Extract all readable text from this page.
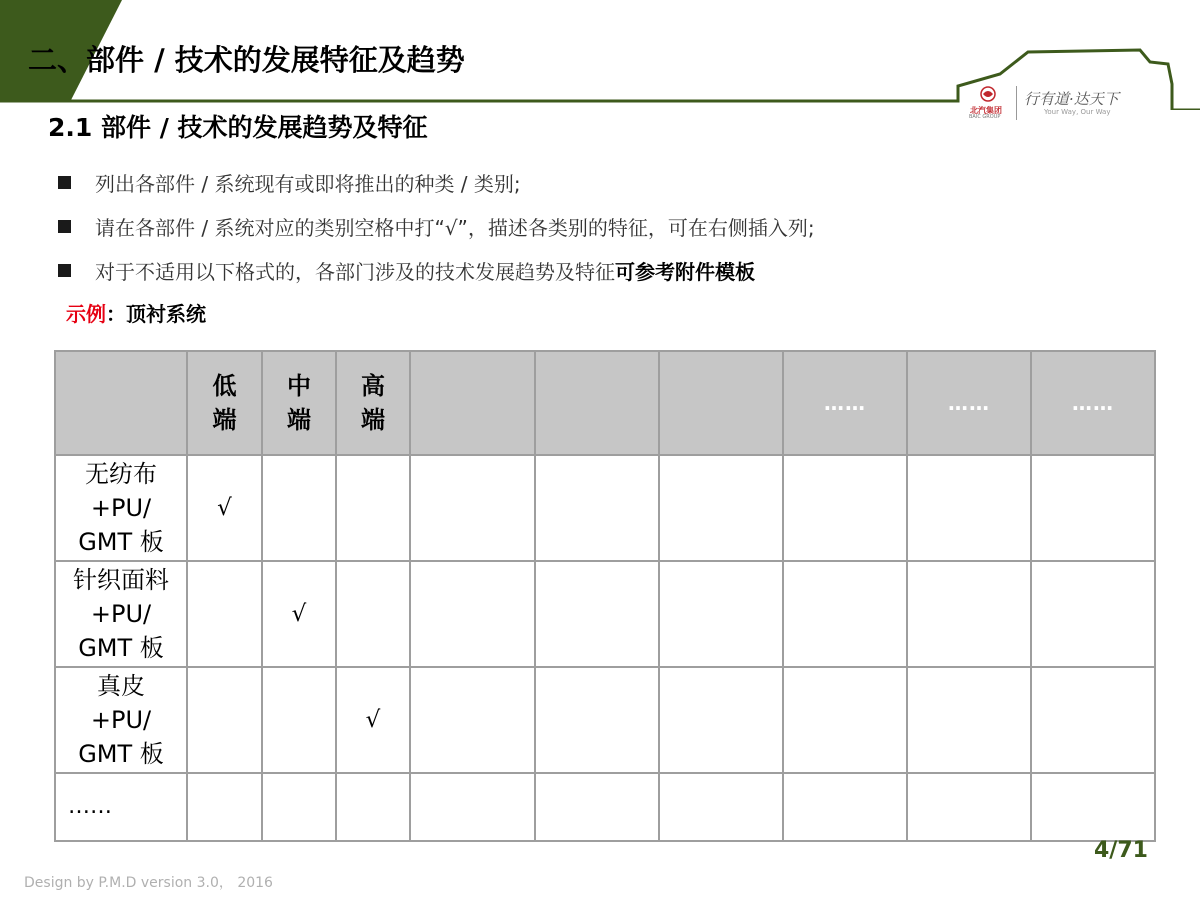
二、部件 / 技术的发展特征及趋势
北汽集团
BAIC GROUP
行有道·达天下
Your Way, Our Way
2.1 部件 / 技术的发展趋势及特征
列出各部件 / 系统现有或即将推出的种类 / 类别;
请在各部件 / 系统对应的类别空格中打“√”，描述各类别的特征，可在右侧插入列;
对于不适用以下格式的，各部门涉及的技术发展趋势及特征 可参考附件模板
示例：顶衬系统
	低端	中端	高端				……	……	……
无纺布
+PU/
GMT 板	√								
针织面料
+PU/
GMT 板		√							
真皮
+PU/
GMT 板			√						
……									
4/71
Design by P.M.D version 3.0， 2016
